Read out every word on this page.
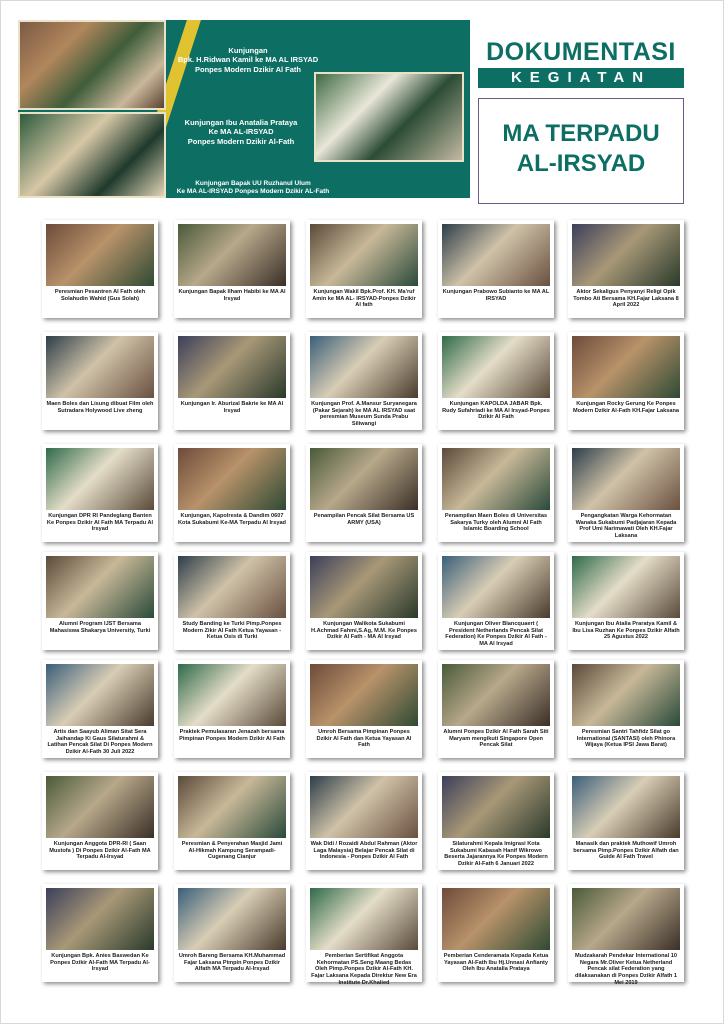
Kunjungan
Bpk. H.Ridwan Kamil ke MA AL IRSYAD
Ponpes Modern Dzikir Al Fath
Kunjungan Ibu Anatalia Prataya
Ke MA AL-IRSYAD
Ponpes Modern Dzikir Al-Fath
Kunjungan Bapak UU Ruzhanul Ulum
Ke MA AL-IRSYAD Ponpes Modern Dzikir AL-Fath
DOKUMENTASI
KEGIATAN
MA TERPADU
AL-IRSYAD
Peresmian Pesantren Al Fath oleh Solahudin Wahid (Gus Solah)
Kunjungan Bapak Ilham Habibi ke MA Al Irsyad
Kunjungan Wakil Bpk.Prof. KH. Ma'ruf Amin ke MA AL- IRSYAD-Ponpes Dzikir Al fath
Kunjungan Prabowo Subianto ke MA AL IRSYAD
Aktor Sekaligus Penyanyi Religi Opik Tombo Ati Bersama KH.Fajar Laksana 8 April 2022
Maen Boles dan Lisung dibuat Film oleh Sutradara Holywood Live zheng
Kunjungan Ir. Aburizal Bakrie ke MA Al Irsyad
Kunjungan Prof. A.Mansur Suryanegara (Pakar Sejarah) ke MA AL IRSYAD saat peresmian Museum Sunda Prabu Siliwangi
Kunjungan KAPOLDA JABAR Bpk. Rudy Sufahriadi ke MA Al Irsyad-Ponpes Dzikir Al Fath
Kunjungan Rocky Gerung Ke Ponpes Modern Dzikir Al-Fath KH.Fajar Laksana
Kunjungan DPR RI Pandeglang Banten Ke Ponpes Dzikir Al Fath MA Terpadu Al Irsyad
Kunjungan, Kapolresta & Dandim 0607 Kota Sukabumi Ke-MA Terpadu Al Irsyad
Penampilan Pencak Silat Bersama US ARMY (USA)
Penampilan Maen Boles di Universitas Sakarya Turky oleh Alumni Al Fath Islamic Boarding School
Pengangkatan Warga Kehormatan Wanaka Sukabumi Padjajaran Kepada Prof Umi Narimawati Oleh KH.Fajar Laksana
Alumni Program IJST Bersama Mahasiswa Shakarya University, Turki
Study Banding ke Turki Pimp.Ponpes Modern Zikir Al Fath Ketua Yayasan - Ketua Osis di Turki
Kunjungan Walikota Sukabumi H.Achmad Fahmi,S.Ag, M.M. Ke Ponpes Dzikir Al Fath - MA Al Irsyad
Kunjungan Oliver Blancquaert ( President Netherlands Pencak Silat Federation) Ke Ponpes Dzikir Al Fath - MA Al Irsyad
Kunjungan Ibu Atalia Praratya Kamil & Ibu Lisa Ruzhan Ke Ponpes Dzikir Alfath 25 Agustus 2022
Artis dan Saayub Aliman Sitat Sera Jaihandap Ki Gaus Silaturahmi & Latihan Pencak Silat Di Ponpes Modern Dzikir Al-Fath 30 Juli 2022
Praktek Pemulasaran Jenazah bersama Pimpinan Ponpes Modern Dzikir Al Fath
Umroh Bersama Pimpinan Ponpes Dzikir Al Fath dan Ketua Yayasan Al Fath
Alumni Ponpes Dzikir Al Fath Sarah Siti Maryam mengikuti Singapore Open Pencak Silat
Peresmian Santri Tahfidz Silat go International (SANTASI) oleh Phinora Wijaya (Ketua IPSI Jawa Barat)
Kunjungan Anggota DPR-RI ( Saan Mustofa ) Di Ponpes Dzikir Al-Fath MA Terpadu Al-Irsyad
Peresmian & Penyerahan Masjid Jami Al-Hikmah Kampung Serampadi- Cugenang Cianjur
Wak Didi / Rozaidi Abdul Rahman (Aktor Laga Malaysia) Belajar Pencak Silat di Indonesia - Ponpes Dzikir Al Fath
Silaturahmi Kepala Imigrasi Kota Sukabumi Kabasah Hanif Wikrowo Beserta Jajarannya Ke Ponpes Modern Dzikir Al-Fath 6 Januari 2022
Manasik dan praktek Muthowif Umroh bersama Pimp.Ponpes Dzikir Alfath dan Guide Al Fath Travel
Kunjungan Bpk. Anies Baswedan Ke Ponpes Dzikir Al-Fath MA Terpadu Al-Irsyad
Umroh Bareng Bersama KH.Muhammad Fajar Laksana Pimpin Ponpes Dzikir Alfath MA Terpadu Al-Irsyad
Pemberian Sertifikat Anggota Kehormatan PS.Seng Maang Bedas Oleh Pimp.Ponpes Dzikir Al-Fath KH. Fajar Laksana Kepada Direktur New Era Institute Dr.Khalied
Pemberian Cenderamata Kepada Ketua Yayasan Al-Fath Ibu Hj.Unnasi Anfianty Oleh Ibu Anatalia Prataya
Mudzakarah Pendekar International 10 Negara Mr.Oliver Ketua Netherland Pencak silat Federation yang dilaksanakan di Ponpes Dzikir Alfath 1 Mei 2019
